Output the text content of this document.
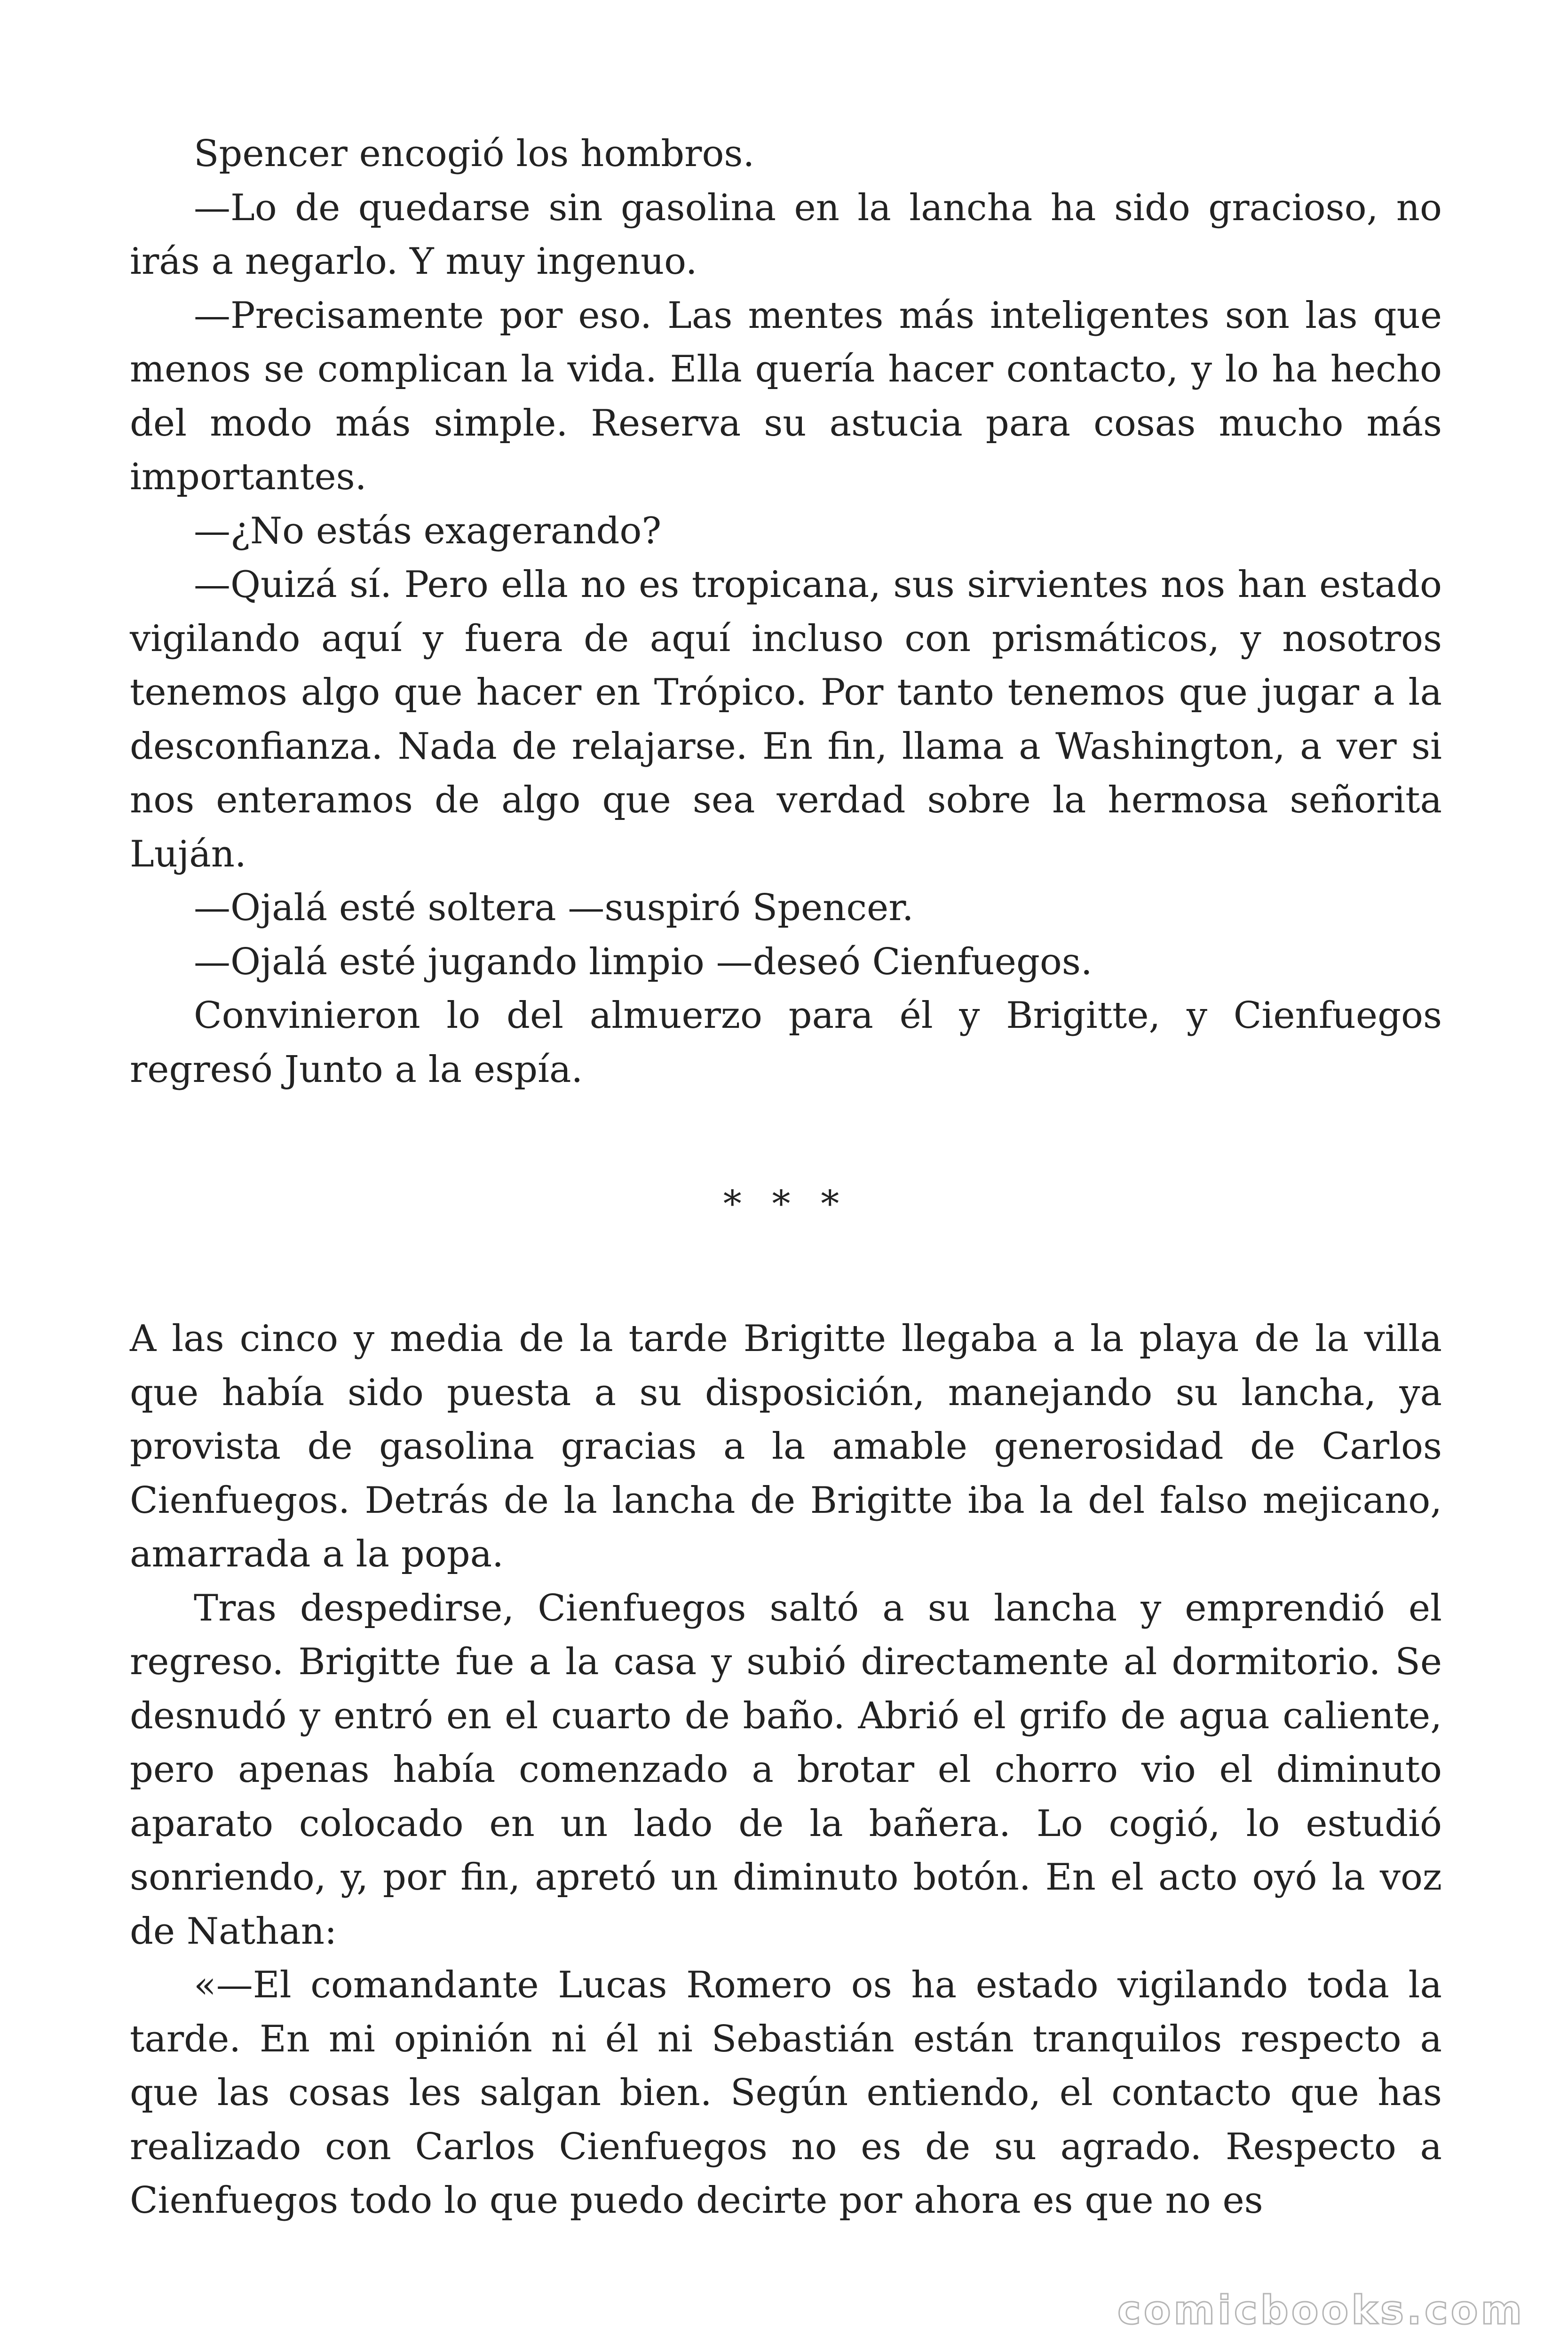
Spencer encogió los hombros.

—Lo de quedarse sin gasolina en la lancha ha sido gracioso, no irás a negarlo. Y muy ingenuo.

—Precisamente por eso. Las mentes más inteligentes son las que menos se complican la vida. Ella quería hacer contacto, y lo ha hecho del modo más simple. Reserva su astucia para cosas mucho más importantes.

—¿No estás exagerando?

—Quizá sí. Pero ella no es tropicana, sus sirvientes nos han estado vigilando aquí y fuera de aquí incluso con prismáticos, y nosotros tenemos algo que hacer en Trópico. Por tanto tenemos que jugar a la desconfianza. Nada de relajarse. En fin, llama a Washington, a ver si nos enteramos de algo que sea verdad sobre la hermosa señorita Luján.

—Ojalá esté soltera —suspiró Spencer.

—Ojalá esté jugando limpio —deseó Cienfuegos.

Convinieron lo del almuerzo para él y Brigitte, y Cienfuegos regresó Junto a la espía.

* * *

A las cinco y media de la tarde Brigitte llegaba a la playa de la villa que había sido puesta a su disposición, manejando su lancha, ya provista de gasolina gracias a la amable generosidad de Carlos Cienfuegos. Detrás de la lancha de Brigitte iba la del falso mejicano, amarrada a la popa.

Tras despedirse, Cienfuegos saltó a su lancha y emprendió el regreso. Brigitte fue a la casa y subió directamente al dormitorio. Se desnudó y entró en el cuarto de baño. Abrió el grifo de agua caliente, pero apenas había comenzado a brotar el chorro vio el diminuto aparato colocado en un lado de la bañera. Lo cogió, lo estudió sonriendo, y, por fin, apretó un diminuto botón. En el acto oyó la voz de Nathan:

«—El comandante Lucas Romero os ha estado vigilando toda la tarde. En mi opinión ni él ni Sebastián están tranquilos respecto a que las cosas les salgan bien. Según entiendo, el contacto que has realizado con Carlos Cienfuegos no es de su agrado. Respecto a Cienfuegos todo lo que puedo decirte por ahora es que no es

comicbooks.com
